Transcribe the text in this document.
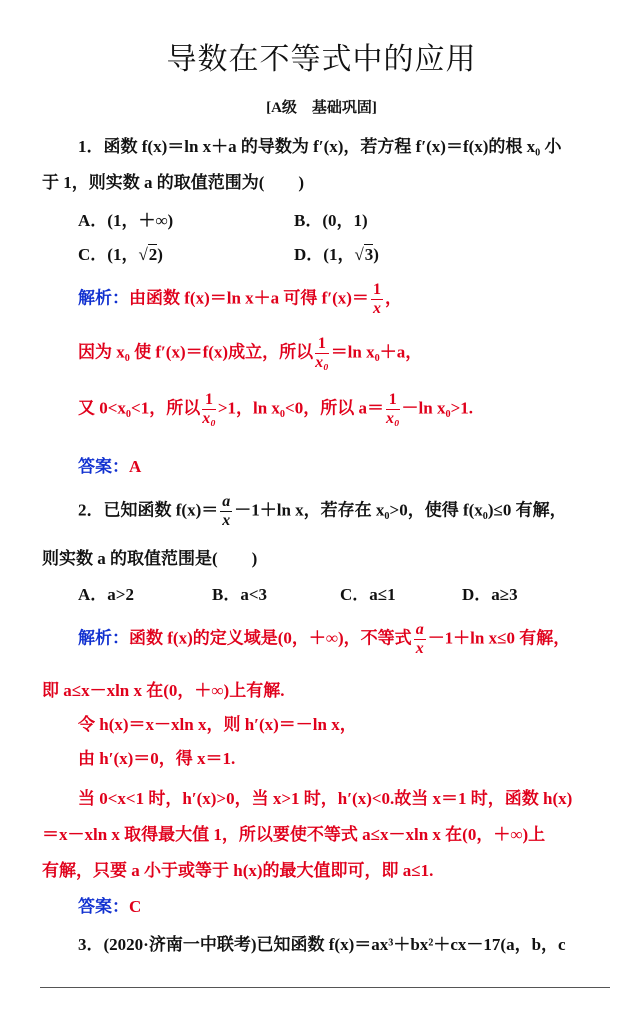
导数在不等式中的应用
[A级　基础巩固]
1．函数 f(x)＝ln x＋a 的导数为 f′(x)，若方程 f′(x)＝f(x)的根 x₀ 小
于 1，则实数 a 的取值范围为(　　)
A．(1，＋∞)	B．(0，1)
C．(1，√2)	D．(1，√3)
解析：由函数 f(x)＝ln x＋a 可得 $f'(x)= \frac{1}{x}$ ，
因为 x₀ 使 f′(x)＝f(x)成立，所以 $\frac{1}{\text{x₀}} =\ln$ x₀＋a，
又 0<x₀<1，所以 $\frac{1}{\text{x₀}} >1$，ln x₀<0，所以 $a= \frac{1}{\text{x₀}} -\ln$ x₀>1.
答案：A
2．已知函数 $f(x)= \frac{a}{x} -1+\ln$ x，若存在 x₀>0，使得 f(x₀)≤0 有解，
则实数 a 的取值范围是(　　)
A．a>2	B．a<3	C．a≤1	D．a≥3
解析：函数 f(x)的定义域是(0，＋∞)，不等式 $\frac{a}{x} -1+\ln$ x≤0 有解，
即 a≤x－xln x 在(0，＋∞)上有解.
令 h(x)＝x－xln x，则 h′(x)＝－ln x，
由 h′(x)＝0，得 x＝1.
当 0<x<1 时，h′(x)>0，当 x>1 时，h′(x)<0.故当 x＝1 时，函数 h(x)
＝x－xln x 取得最大值 1，所以要使不等式 a≤x－xln x 在(0，＋∞)上
有解，只要 a 小于或等于 h(x)的最大值即可，即 a≤1.
答案：C
3．(2020·济南一中联考)已知函数 f(x)＝ax³＋bx²＋cx－17(a，b，c
